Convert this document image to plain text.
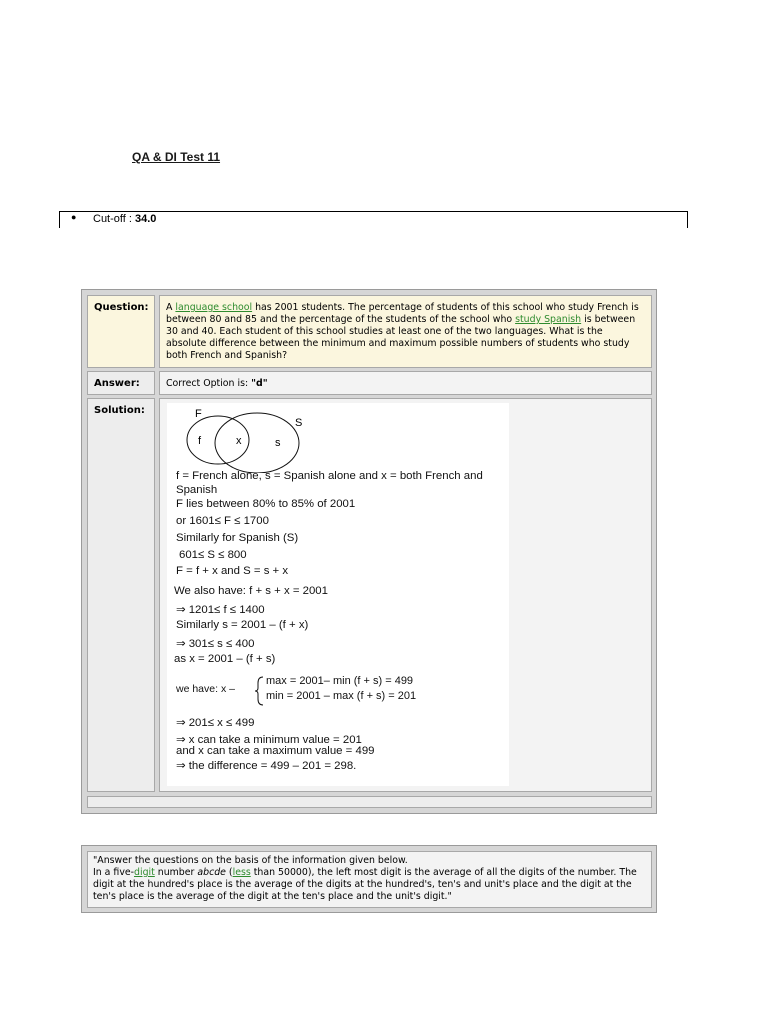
QA & DI Test 11
● Cut-off : 34.0
Question:	A language school has 2001 students. The percentage of students of this school who study French is between 80 and 85 and the percentage of the students of the school who study Spanish is between 30 and 40. Each student of this school studies at least one of the two languages. What is the absolute difference between the minimum and maximum possible numbers of students who study both French and Spanish?
Answer:	Correct Option is: "d"
Solution:	F
f	x	s
S
f = French alone, s = Spanish alone and x = both French and
Spanish
F lies between 80% to 85% of 2001
or 1601≤ F ≤ 1700
Similarly for Spanish (S)
601≤ S ≤ 800
F = f + x and S = s + x
We also have: f + s + x = 2001
⇒ 1201≤ f ≤ 1400
Similarly s = 2001 – (f + x)
⇒ 301≤ s ≤ 400
as x = 2001 – (f + s)
we have: x –
max = 2001– min (f + s) = 499
min = 2001 – max (f + s) = 201
⇒ 201≤ x ≤ 499
⇒ x can take a minimum value = 201
and x can take a maximum value = 499
⇒ the difference = 499 – 201 = 298.
"Answer the questions on the basis of the information given below.
In a five-digit number abcde (less than 50000), the left most digit is the average of all the digits of the number. The digit at the hundred's place is the average of the digits at the hundred's, ten's and unit's place and the digit at the ten's place is the average of the digit at the ten's place and the unit's digit."
